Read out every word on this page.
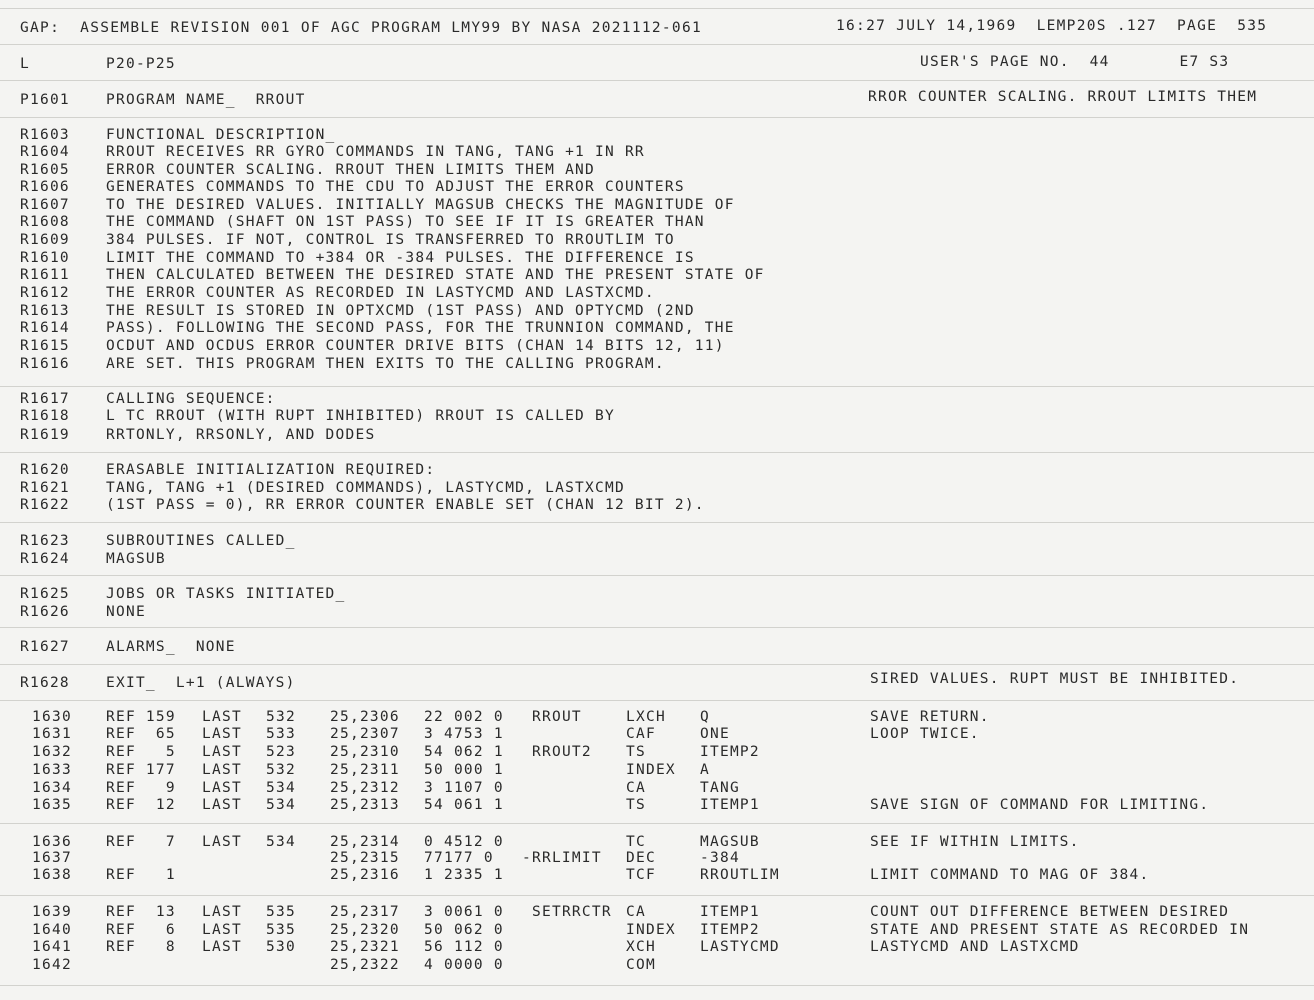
GAP:  ASSEMBLE REVISION 001 OF AGC PROGRAM LMY99 BY NASA 2021112-061	16:27 JULY 14,1969  LEMP20S .127  PAGE  535
L	P20-P25	USER'S PAGE NO.  44       E7 S3
P1601 PROGRAM NAME_  RROUT
R1603 FUNCTIONAL DESCRIPTION_
R1604 RROUT RECEIVES RR GYRO COMMANDS IN TANG, TANG +1 IN RR
R1605 ERROR COUNTER SCALING. RROUT THEN LIMITS THEM AND
R1606 GENERATES COMMANDS TO THE CDU TO ADJUST THE ERROR COUNTERS
R1607 TO THE DESIRED VALUES. INITIALLY MAGSUB CHECKS THE MAGNITUDE OF
R1608 THE COMMAND (SHAFT ON 1ST PASS) TO SEE IF IT IS GREATER THAN
R1609 384 PULSES. IF NOT, CONTROL IS TRANSFERRED TO RROUTLIM TO
R1610 LIMIT THE COMMAND TO +384 OR -384 PULSES. THE DIFFERENCE IS
R1611 THEN CALCULATED BETWEEN THE DESIRED STATE AND THE PRESENT STATE OF
R1612 THE ERROR COUNTER AS RECORDED IN LASTYCMD AND LASTXCMD.
R1613 THE RESULT IS STORED IN OPTXCMD (1ST PASS) AND OPTYCMD (2ND
R1614 PASS). FOLLOWING THE SECOND PASS, FOR THE TRUNNION COMMAND, THE
R1615 OCDUT AND OCDUS ERROR COUNTER DRIVE BITS (CHAN 14 BITS 12, 11)
R1616 ARE SET. THIS PROGRAM THEN EXITS TO THE CALLING PROGRAM.
R1617 CALLING SEQUENCE:
R1618 L TC RROUT (WITH RUPT INHIBITED) RROUT IS CALLED BY
R1619 RRTONLY, RRSONLY, AND DODES
R1620 ERASABLE INITIALIZATION REQUIRED:
R1621 TANG, TANG +1 (DESIRED COMMANDS), LASTYCMD, LASTXCMD
R1622 (1ST PASS = 0), RR ERROR COUNTER ENABLE SET (CHAN 12 BIT 2).
R1623 SUBROUTINES CALLED_
R1624 MAGSUB
R1625 JOBS OR TASKS INITIATED_
R1626 NONE
R1627 ALARMS_  NONE
R1628 EXIT_  L+1 (ALWAYS)
RROR COUNTER SCALING. RROUT LIMITS THEM
SIRED VALUES. RUPT MUST BE INHIBITED.
1630 REF 159 LAST 532 25,2306 22 002 0 RROUT	LXCH Q	SAVE RETURN.
1631 REF  65 LAST 533 25,2307 3 4753 1	CAF	ONE	LOOP TWICE.
1632 REF   5 LAST 523 25,2310 54 062 1 RROUT2 TS	ITEMP2
1633 REF 177 LAST 532 25,2311 50 000 1	INDEX A
1634 REF   9 LAST 534 25,2312 3 1107 0	CA	TANG
1635 REF  12 LAST 534 25,2313 54 061 1	TS	ITEMP1	SAVE SIGN OF COMMAND FOR LIMITING.
1636 REF   7 LAST 534 25,2314 0 4512 0	TC	MAGSUB	SEE IF WITHIN LIMITS.
1637	25,2315 77177 0 -RRLIMIT DEC	-384
1638 REF   1	25,2316 1 2335 1	TCF	RROUTLIM	LIMIT COMMAND TO MAG OF 384.
1639 REF  13 LAST 535 25,2317 3 0061 0 SETRRCTR CA	ITEMP1	COUNT OUT DIFFERENCE BETWEEN DESIRED
1640 REF   6 LAST 535 25,2320 50 062 0	INDEX ITEMP2	STATE AND PRESENT STATE AS RECORDED IN
1641 REF   8 LAST 530 25,2321 56 112 0	XCH	LASTYCMD	LASTYCMD AND LASTXCMD
1642	25,2322 4 0000 0	COM
